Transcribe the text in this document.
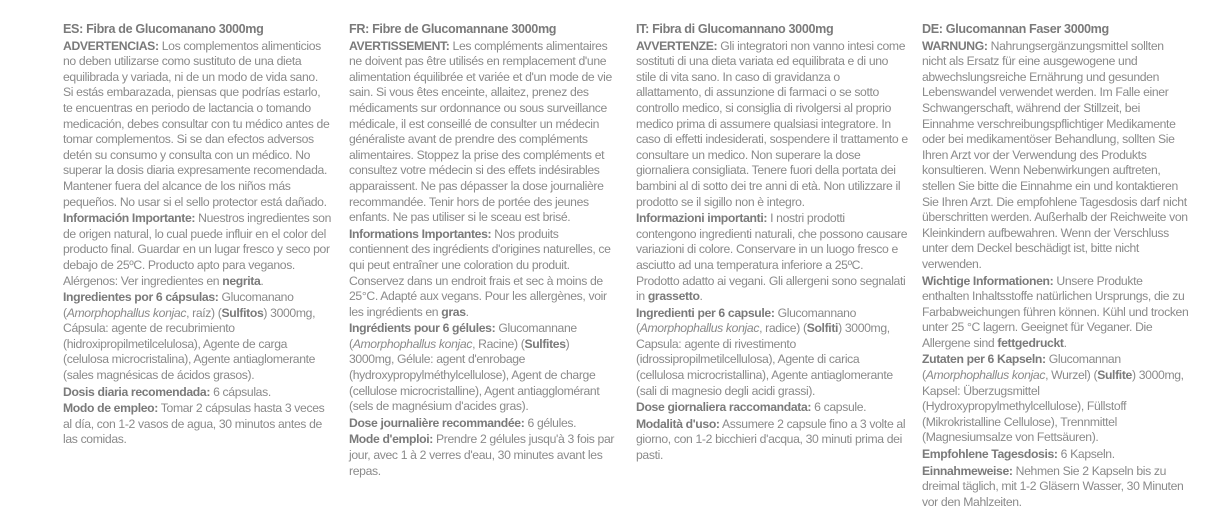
ES: Fibra de Glucomanano 3000mg
ADVERTENCIAS: Los complementos alimenticios no deben utilizarse como sustituto de una dieta equilibrada y variada, ni de un modo de vida sano. Si estás embarazada, piensas que podrías estarlo, te encuentras en periodo de lactancia o tomando medicación, debes consultar con tu médico antes de tomar complementos. Si se dan efectos adversos detén su consumo y consulta con un médico. No superar la dosis diaria expresamente recomendada. Mantener fuera del alcance de los niños más pequeños. No usar si el sello protector está dañado.
Información Importante: Nuestros ingredientes son de origen natural, lo cual puede influir en el color del producto final. Guardar en un lugar fresco y seco por debajo de 25ºC. Producto apto para veganos. Alérgenos: Ver ingredientes en negrita.
Ingredientes por 6 cápsulas: Glucomanano (Amorphophallus konjac, raíz) (Sulfitos) 3000mg, Cápsula: agente de recubrimiento (hidroxipropilmetilcelulosa), Agente de carga (celulosa microcristalina), Agente antiaglomerante (sales magnésicas de ácidos grasos).
Dosis diaria recomendada: 6 cápsulas.
Modo de empleo: Tomar 2 cápsulas hasta 3 veces al día, con 1-2 vasos de agua, 30 minutos antes de las comidas.
FR: Fibre de Glucomannane 3000mg
AVERTISSEMENT: Les compléments alimentaires ne doivent pas être utilisés en remplacement d'une alimentation équilibrée et variée et d'un mode de vie sain. Si vous êtes enceinte, allaitez, prenez des médicaments sur ordonnance ou sous surveillance médicale, il est conseillé de consulter un médecin généraliste avant de prendre des compléments alimentaires. Stoppez la prise des compléments et consultez votre médecin si des effets indésirables apparaissent. Ne pas dépasser la dose journalière recommandée. Tenir hors de portée des jeunes enfants. Ne pas utiliser si le sceau est brisé.
Informations Importantes: Nos produits contiennent des ingrédients d'origines naturelles, ce qui peut entraîner une coloration du produit. Conservez dans un endroit frais et sec à moins de 25°C. Adapté aux vegans. Pour les allergènes, voir les ingrédients en gras.
Ingrédients pour 6 gélules: Glucomannane (Amorphophallus konjac, Racine) (Sulfites) 3000mg, Gélule: agent d'enrobage (hydroxypropylméthylcellulose), Agent de charge (cellulose microcristalline), Agent antiagglomérant (sels de magnésium d'acides gras).
Dose journalière recommandée: 6 gélules.
Mode d'emploi: Prendre 2 gélules jusqu'à 3 fois par jour, avec 1 à 2 verres d'eau, 30 minutes avant les repas.
IT: Fibra di Glucomannano 3000mg
AVVERTENZE: Gli integratori non vanno intesi come sostituti di una dieta variata ed equilibrata e di uno stile di vita sano. In caso di gravidanza o allattamento, di assunzione di farmaci o se sotto controllo medico, si consiglia di rivolgersi al proprio medico prima di assumere qualsiasi integratore. In caso di effetti indesiderati, sospendere il trattamento e consultare un medico. Non superare la dose giornaliera consigliata. Tenere fuori della portata dei bambini al di sotto dei tre anni di età. Non utilizzare il prodotto se il sigillo non è integro.
Informazioni importanti: I nostri prodotti contengono ingredienti naturali, che possono causare variazioni di colore. Conservare in un luogo fresco e asciutto ad una temperatura inferiore a 25ºC. Prodotto adatto ai vegani. Gli allergeni sono segnalati in grassetto.
Ingredienti per 6 capsule: Glucomannano (Amorphophallus konjac, radice) (Solfiti) 3000mg, Capsula: agente di rivestimento (idrossipropilmetilcellulosa), Agente di carica (cellulosa microcristallina), Agente antiaglomerante (sali di magnesio degli acidi grassi).
Dose giornaliera raccomandata: 6 capsule.
Modalità d'uso: Assumere 2 capsule fino a 3 volte al giorno, con 1-2 bicchieri d'acqua, 30 minuti prima dei pasti.
DE: Glucomannan Faser 3000mg
WARNUNG: Nahrungsergänzungsmittel sollten nicht als Ersatz für eine ausgewogene und abwechslungsreiche Ernährung und gesunden Lebenswandel verwendet werden. Im Falle einer Schwangerschaft, während der Stillzeit, bei Einnahme verschreibungspflichtiger Medikamente oder bei medikamentöser Behandlung, sollten Sie Ihren Arzt vor der Verwendung des Produkts konsultieren. Wenn Nebenwirkungen auftreten, stellen Sie bitte die Einnahme ein und kontaktieren Sie Ihren Arzt. Die empfohlene Tagesdosis darf nicht überschritten werden. Außerhalb der Reichweite von Kleinkindern aufbewahren. Wenn der Verschluss unter dem Deckel beschädigt ist, bitte nicht verwenden.
Wichtige Informationen: Unsere Produkte enthalten Inhaltsstoffe natürlichen Ursprungs, die zu Farbabweichungen führen können. Kühl und trocken unter 25 °C lagern. Geeignet für Veganer. Die Allergene sind fettgedruckt.
Zutaten per 6 Kapseln: Glucomannan (Amorphophallus konjac, Wurzel) (Sulfite) 3000mg, Kapsel: Überzugsmittel (Hydroxypropylmethylcellulose), Füllstoff (Mikrokristalline Cellulose), Trennmittel (Magnesiumsalze von Fettsäuren).
Empfohlene Tagesdosis: 6 Kapseln.
Einnahmeweise: Nehmen Sie 2 Kapseln bis zu dreimal täglich, mit 1-2 Gläsern Wasser, 30 Minuten vor den Mahlzeiten.
